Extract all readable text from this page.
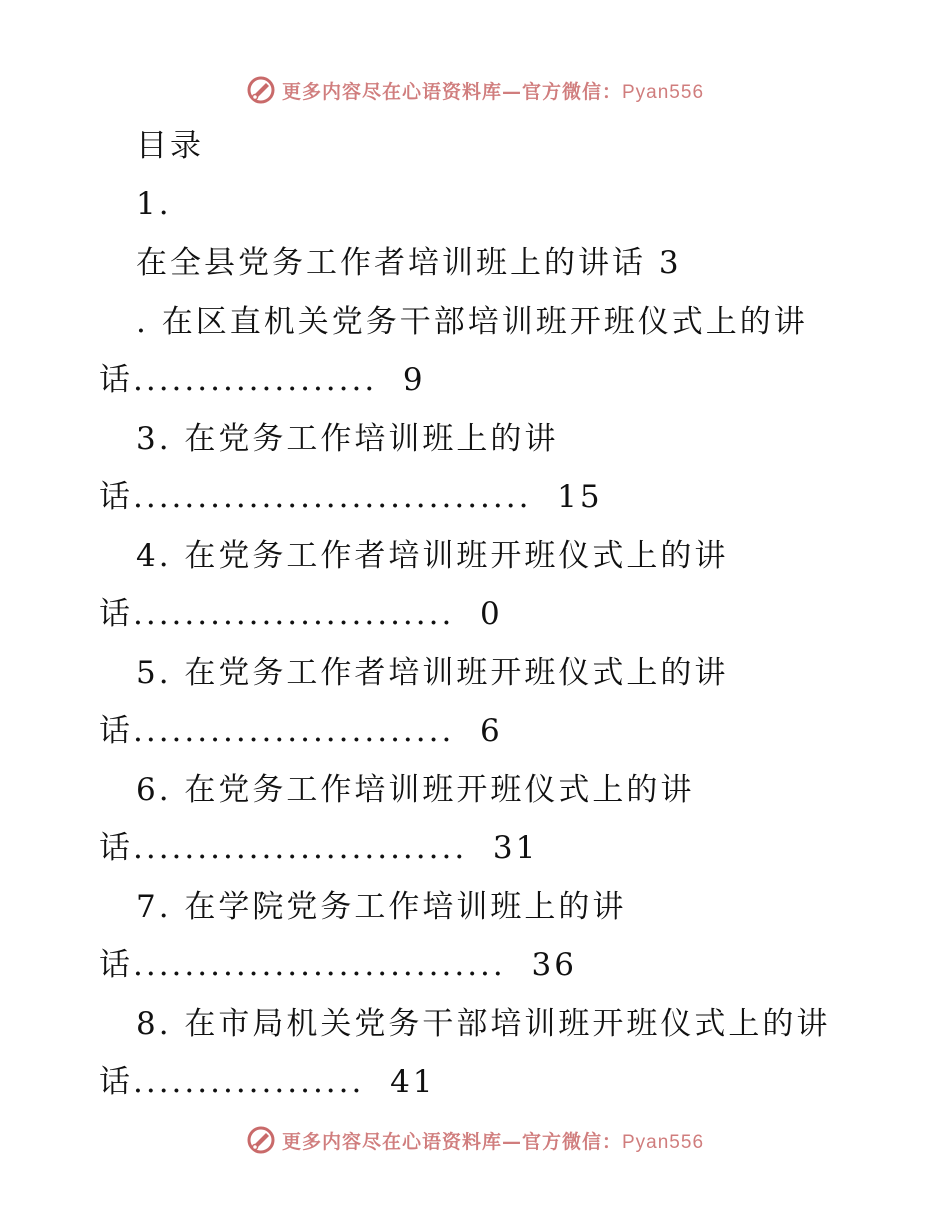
更多内容尽在心语资料库—官方微信：Pyan556
目录
1.
在全县党务工作者培训班上的讲话 3
. 在区直机关党务干部培训班开班仪式上的讲
话...................  9
3. 在党务工作培训班上的讲
话...............................  15
4. 在党务工作者培训班开班仪式上的讲
话.........................  0
5. 在党务工作者培训班开班仪式上的讲
话.........................  6
6. 在党务工作培训班开班仪式上的讲
话..........................  31
7. 在学院党务工作培训班上的讲
话.............................  36
8. 在市局机关党务干部培训班开班仪式上的讲
话..................  41
更多内容尽在心语资料库—官方微信：Pyan556
